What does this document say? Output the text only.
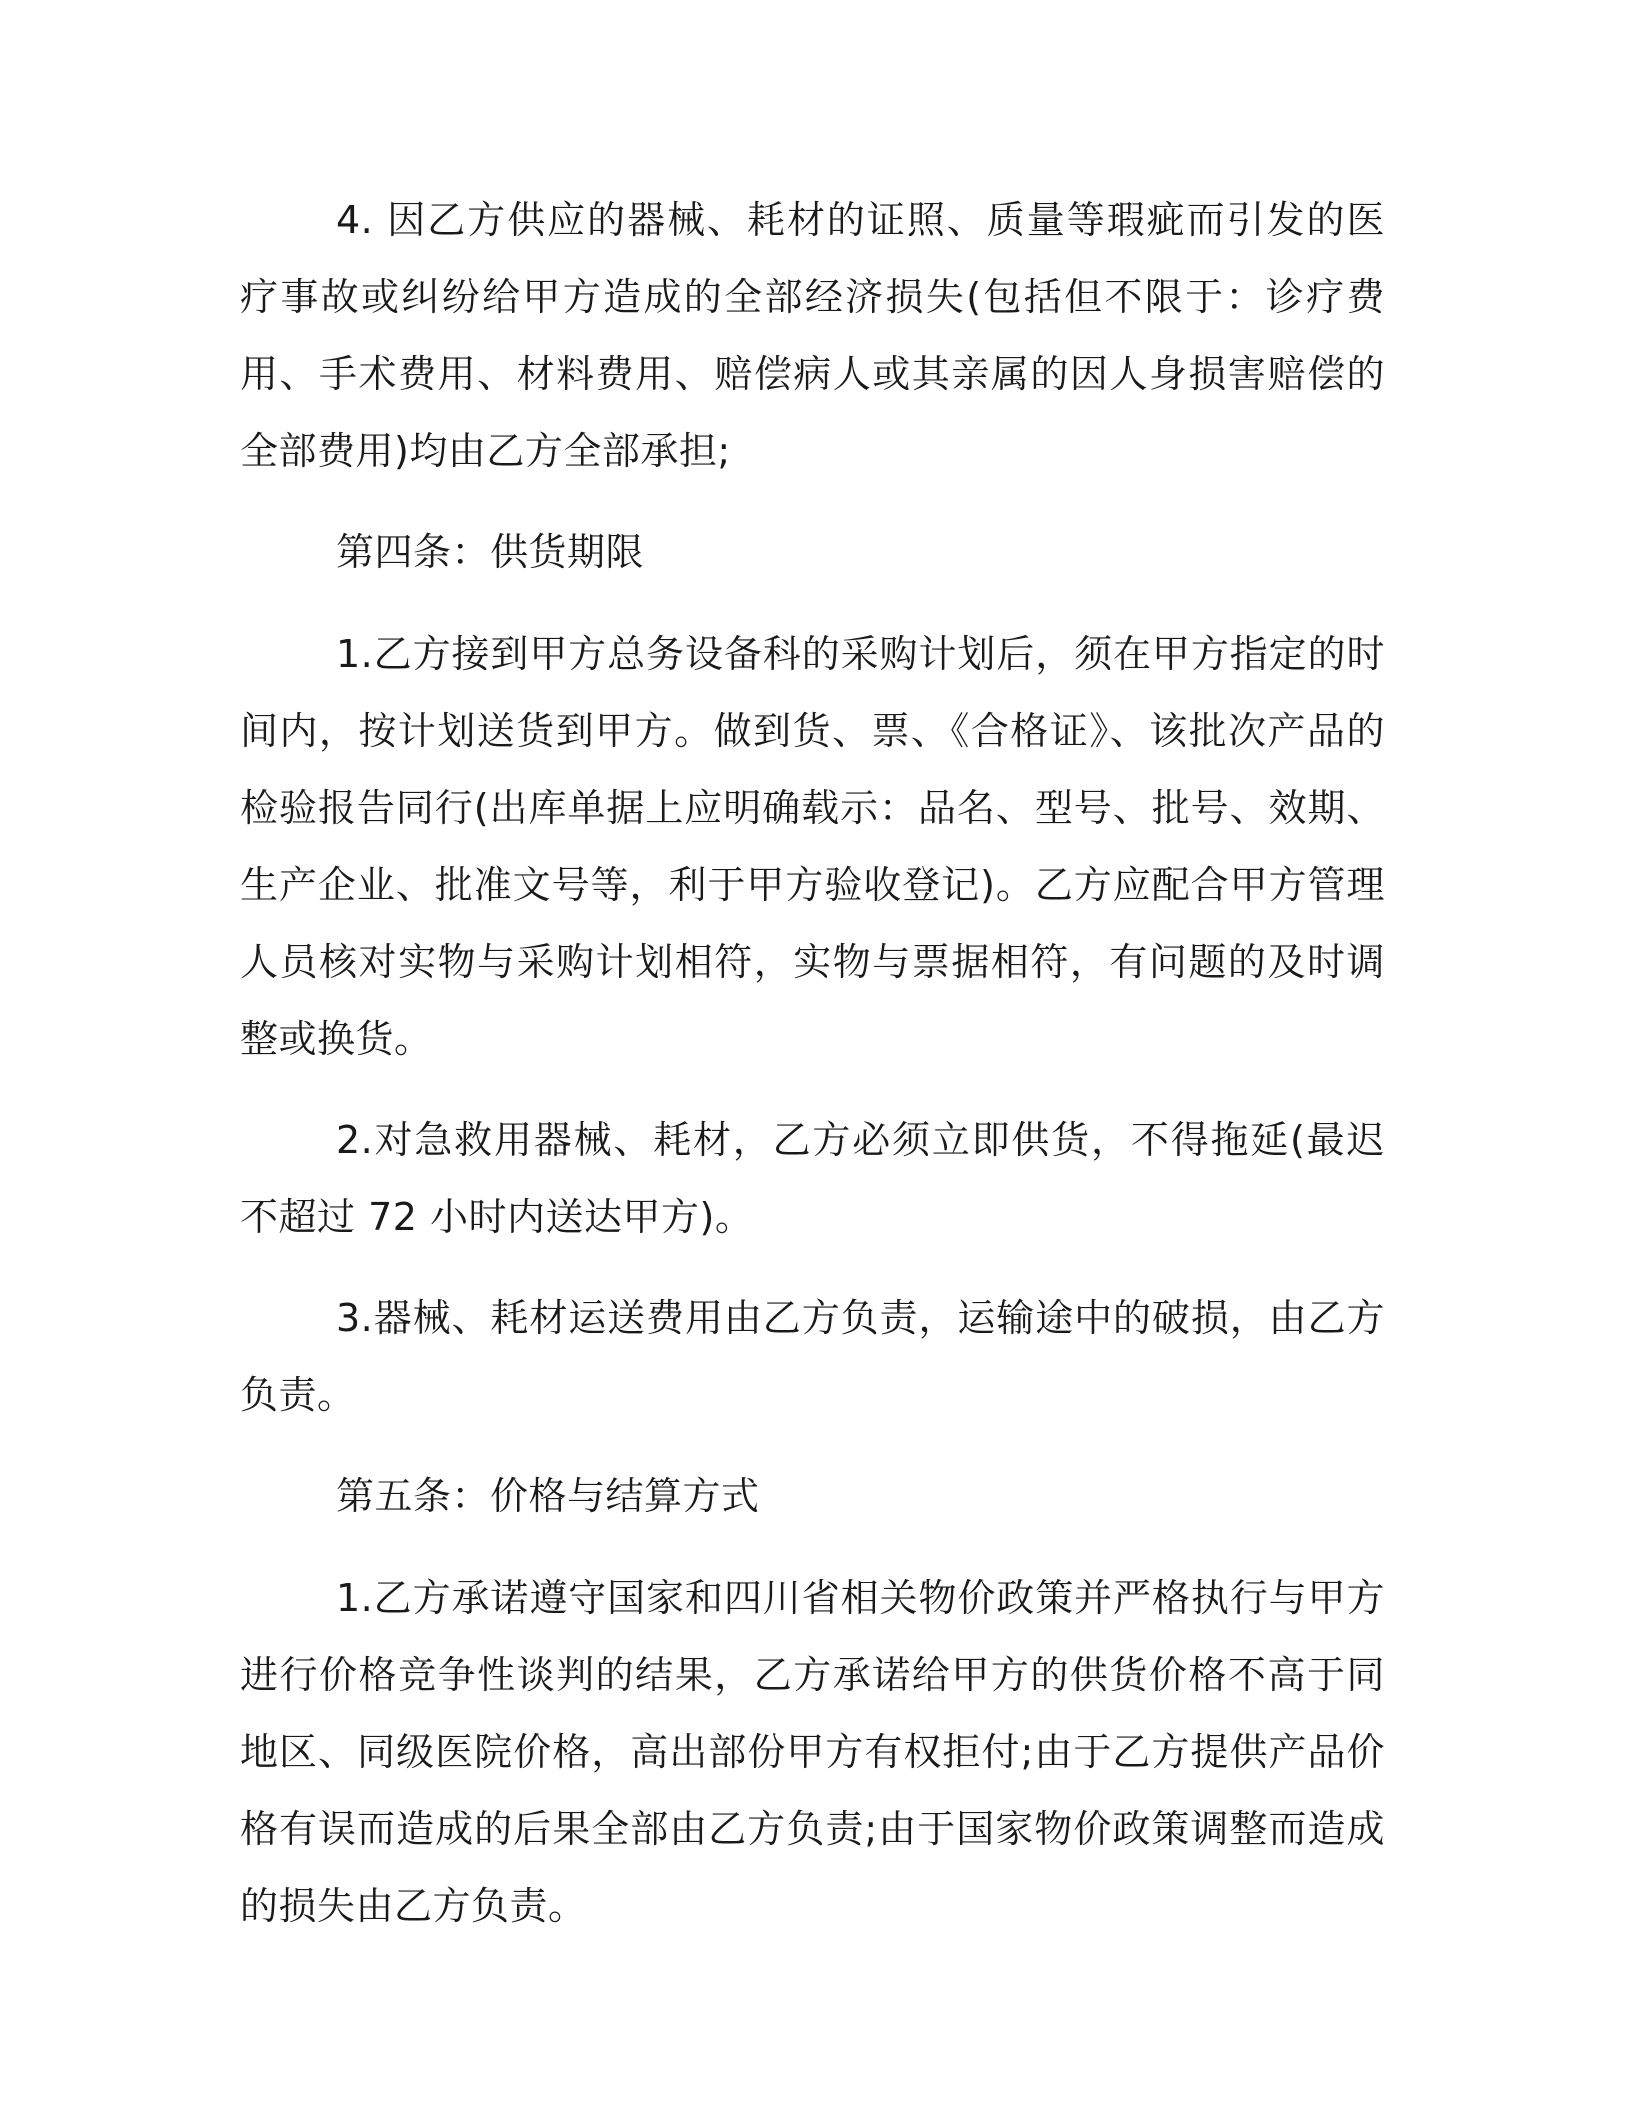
4. 因乙方供应的器械、耗材的证照、质量等瑕疵而引发的医疗事故或纠纷给甲方造成的全部经济损失(包括但不限于：诊疗费用、手术费用、材料费用、赔偿病人或其亲属的因人身损害赔偿的全部费用)均由乙方全部承担;

第四条：供货期限

1.乙方接到甲方总务设备科的采购计划后，须在甲方指定的时间内，按计划送货到甲方。做到货、票、《合格证》、该批次产品的检验报告同行(出库单据上应明确载示：品名、型号、批号、效期、生产企业、批准文号等，利于甲方验收登记)。乙方应配合甲方管理人员核对实物与采购计划相符，实物与票据相符，有问题的及时调整或换货。

2.对急救用器械、耗材，乙方必须立即供货，不得拖延(最迟不超过 72 小时内送达甲方)。

3.器械、耗材运送费用由乙方负责，运输途中的破损，由乙方负责。

第五条：价格与结算方式

1.乙方承诺遵守国家和四川省相关物价政策并严格执行与甲方进行价格竞争性谈判的结果，乙方承诺给甲方的供货价格不高于同地区、同级医院价格，高出部份甲方有权拒付;由于乙方提供产品价格有误而造成的后果全部由乙方负责;由于国家物价政策调整而造成的损失由乙方负责。
